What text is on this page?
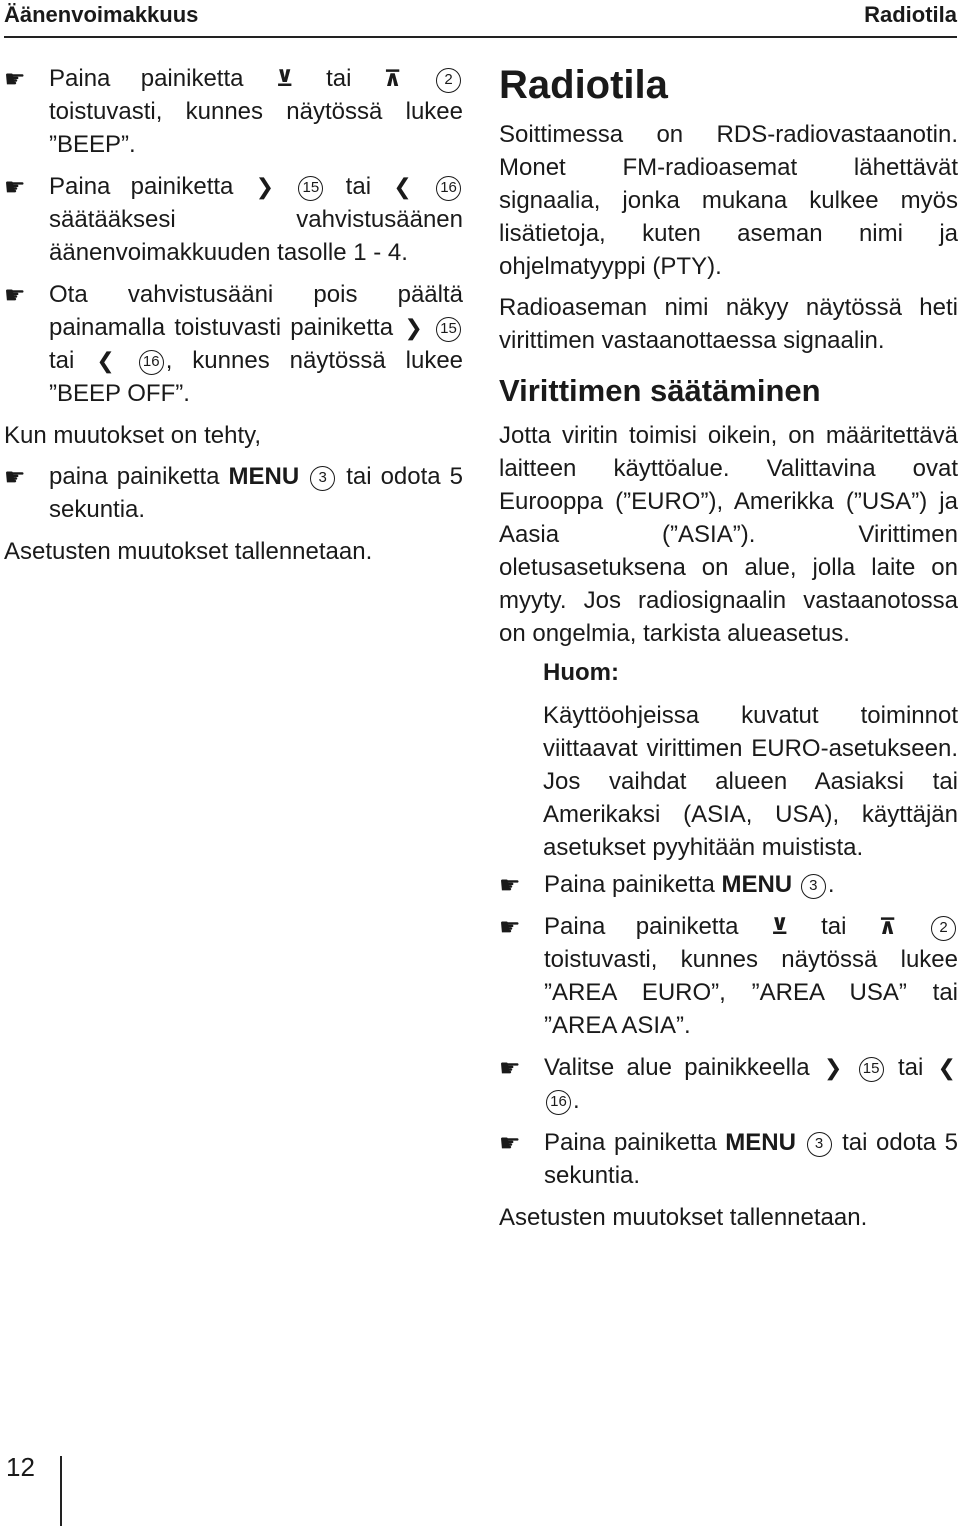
Äänenvoimakkuus	Radiotila
☛ Paina painiketta ⊻ tai ⊼	2 toistuvasti, kunnes näytössä lukee ”BEEP”.
☛ Paina painiketta ❯ 15 tai ❮ 16 säätääksesi vahvistusäänen äänenvoimakkuuden tasolle 1 - 4.
☛ Ota vahvistusääni pois päältä painamalla toistuvasti painiketta ❯ 15 tai ❮ 16 , kunnes näytössä lukee ”BEEP OFF”.
Kun muutokset on tehty,
☛ paina painiketta MENU 3 tai odota 5 sekuntia.
Asetusten muutokset tallennetaan.
Radiotila
Soittimessa on RDS-radiovastaanotin. Monet FM-radioasemat lähettävät signaalia, jonka mukana kulkee myös lisätietoja, kuten aseman nimi ja ohjelmatyyppi (PTY).
Radioaseman nimi näkyy näytössä heti virittimen vastaanottaessa signaalin.
Virittimen säätäminen
Jotta viritin toimisi oikein, on määritettävä laitteen käyttöalue. Valittavina ovat Eurooppa (”EURO”), Amerikka (”USA”) ja Aasia (”ASIA”). Virittimen oletusasetuksena on alue, jolla laite on myyty. Jos radiosignaalin vastaanotossa on ongelmia, tarkista alueasetus.
Huom:
Käyttöohjeissa kuvatut toiminnot viittaavat virittimen EURO-asetukseen. Jos vaihdat alueen Aasiaksi tai Amerikaksi (ASIA, USA), käyttäjän asetukset pyyhitään muistista.
☛ Paina painiketta MENU 3 .
☛ Paina painiketta ⊻ tai ⊼	2 toistuvasti, kunnes näytössä lukee ”AREA EURO”, ”AREA USA” tai ”AREA ASIA”.
☛ Valitse alue painikkeella ❯ 15 tai ❮ 16 .
☛ Paina painiketta MENU 3 tai odota 5 sekuntia.
Asetusten muutokset tallennetaan.
12
